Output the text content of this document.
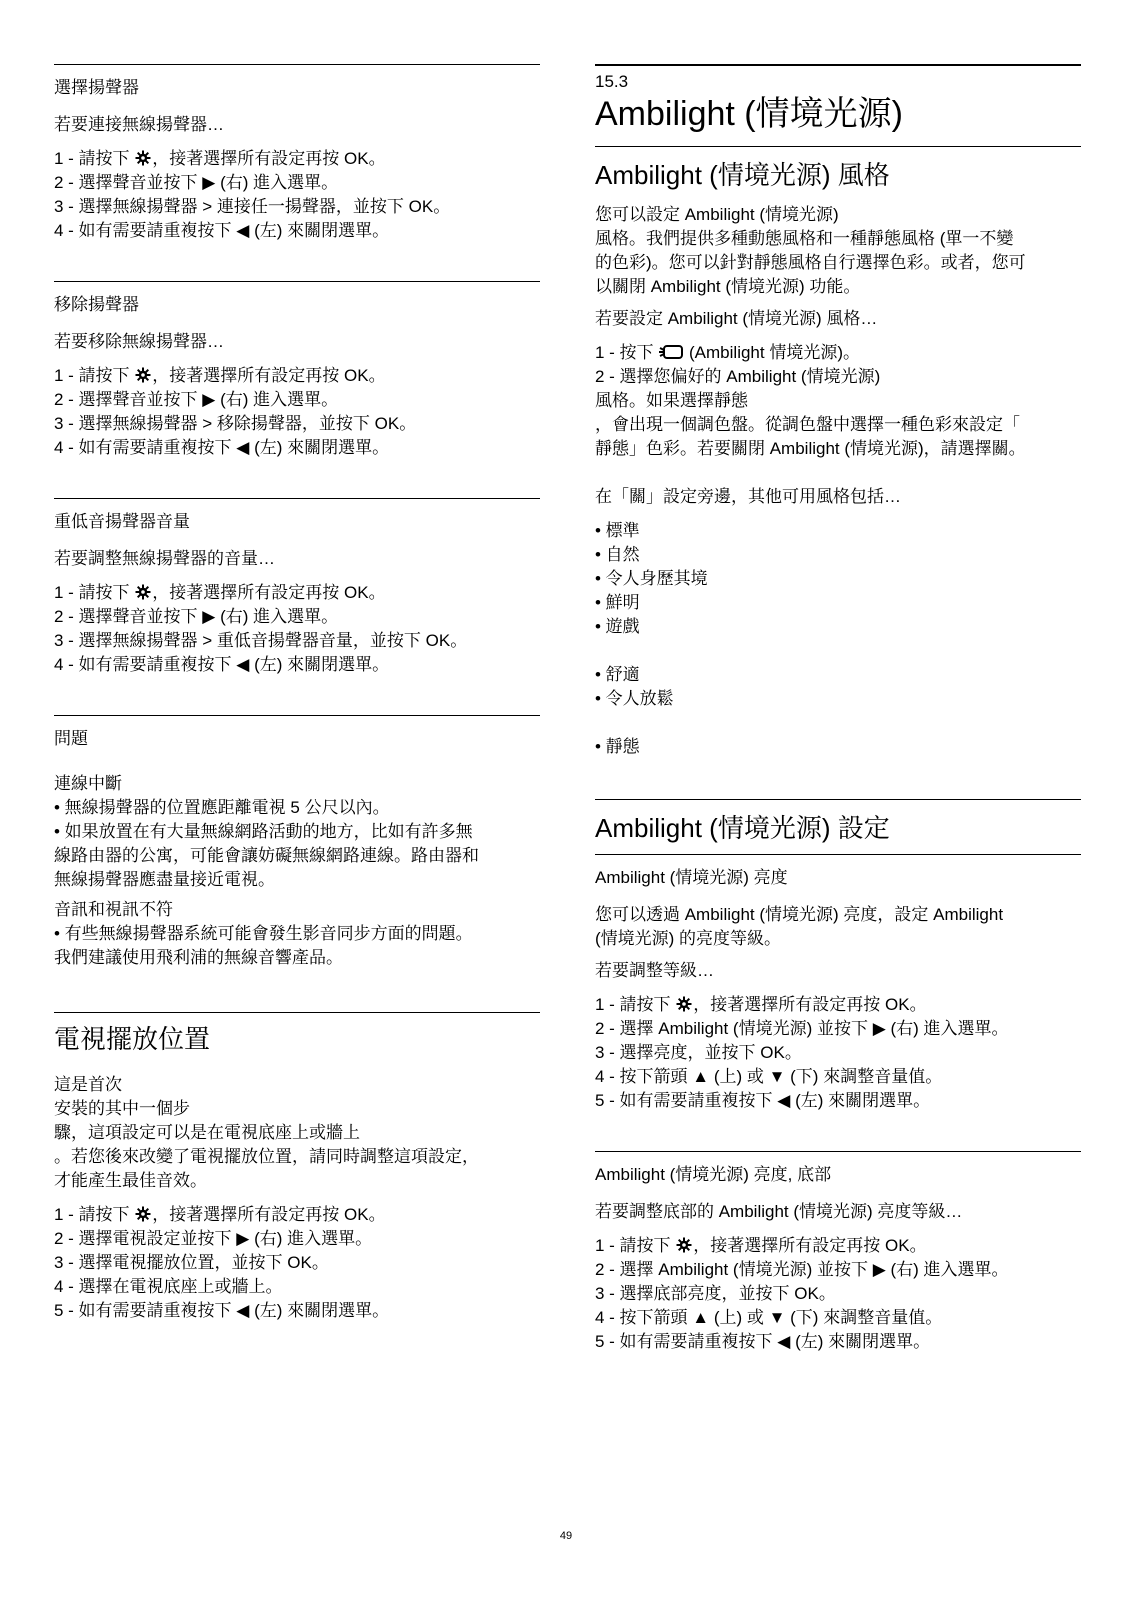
選擇揚聲器

若要連接無線揚聲器…

1 - 請按下 ，接著選擇所有設定再按 OK。
2 - 選擇聲音並按下 ▶ (右) 進入選單。
3 - 選擇無線揚聲器 > 連接任一揚聲器，並按下 OK。
4 - 如有需要請重複按下 ◀ (左) 來關閉選單。

移除揚聲器

若要移除無線揚聲器…

1 - 請按下 ，接著選擇所有設定再按 OK。
2 - 選擇聲音並按下 ▶ (右) 進入選單。
3 - 選擇無線揚聲器 > 移除揚聲器，並按下 OK。
4 - 如有需要請重複按下 ◀ (左) 來關閉選單。

重低音揚聲器音量

若要調整無線揚聲器的音量…

1 - 請按下 ，接著選擇所有設定再按 OK。
2 - 選擇聲音並按下 ▶ (右) 進入選單。
3 - 選擇無線揚聲器 > 重低音揚聲器音量，並按下 OK。
4 - 如有需要請重複按下 ◀ (左) 來關閉選單。

問題

連線中斷

• 無線揚聲器的位置應距離電視 5 公尺以內。
• 如果放置在有大量無線網路活動的地方，比如有許多無
線路由器的公寓，可能會讓妨礙無線網路連線。路由器和
無線揚聲器應盡量接近電視。

音訊和視訊不符

• 有些無線揚聲器系統可能會發生影音同步方面的問題。
我們建議使用飛利浦的無線音響產品。

電視擺放位置

這是首次
安裝的其中一個步
驟，這項設定可以是在電視底座上或牆上
。若您後來改變了電視擺放位置，請同時調整這項設定，
才能產生最佳音效。
1 - 請按下 ，接著選擇所有設定再按 OK。
2 - 選擇電視設定並按下 ▶ (右) 進入選單。
3 - 選擇電視擺放位置，並按下 OK。
4 - 選擇在電視底座上或牆上。
5 - 如有需要請重複按下 ◀ (左) 來關閉選單。

15.3

Ambilight (情境光源)

Ambilight (情境光源) 風格

您可以設定 Ambilight (情境光源)
風格。我們提供多種動態風格和一種靜態風格 (單一不變
的色彩)。您可以針對靜態風格自行選擇色彩。或者，您可
以關閉 Ambilight (情境光源) 功能。

若要設定 Ambilight (情境光源) 風格…

1 - 按下  (Ambilight 情境光源)。
2 - 選擇您偏好的 Ambilight (情境光源)
風格。如果選擇靜態
，會出現一個調色盤。從調色盤中選擇一種色彩來設定「
靜態」色彩。若要關閉 Ambilight (情境光源)，請選擇關。

在「關」設定旁邊，其他可用風格包括…

• 標準
• 自然
• 令人身歷其境
• 鮮明
• 遊戲
• 舒適
• 令人放鬆
• 靜態

Ambilight (情境光源) 設定

Ambilight (情境光源) 亮度

您可以透過 Ambilight (情境光源) 亮度，設定 Ambilight
(情境光源) 的亮度等級。

若要調整等級…

1 - 請按下 ，接著選擇所有設定再按 OK。
2 - 選擇 Ambilight (情境光源) 並按下 ▶ (右) 進入選單。
3 - 選擇亮度，並按下 OK。
4 - 按下箭頭 ▲ (上) 或 ▼ (下) 來調整音量值。
5 - 如有需要請重複按下 ◀ (左) 來關閉選單。

Ambilight (情境光源) 亮度, 底部

若要調整底部的 Ambilight (情境光源) 亮度等級…

1 - 請按下 ，接著選擇所有設定再按 OK。
2 - 選擇 Ambilight (情境光源) 並按下 ▶ (右) 進入選單。
3 - 選擇底部亮度，並按下 OK。
4 - 按下箭頭 ▲ (上) 或 ▼ (下) 來調整音量值。
5 - 如有需要請重複按下 ◀ (左) 來關閉選單。
49
